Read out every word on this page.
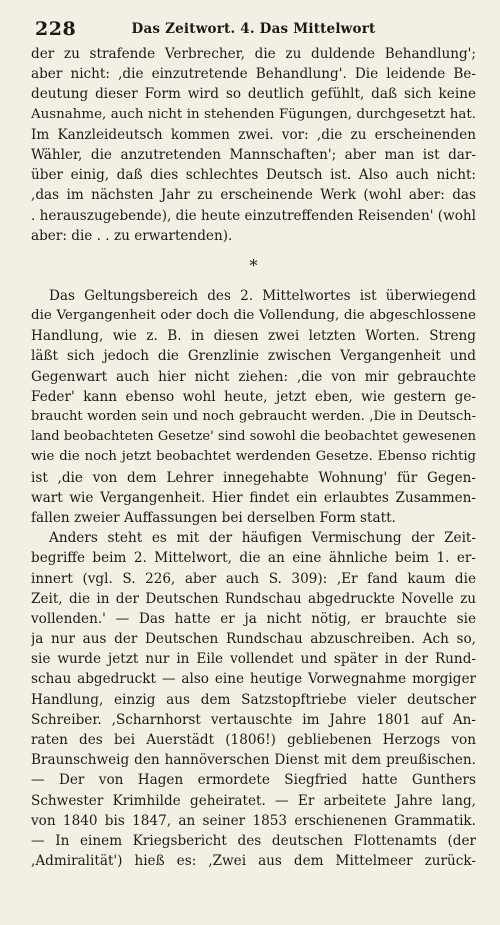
228	Das Zeitwort. 4. Das Mittelwort
der zu strafende Verbrecher, die zu duldende Behandlung';
aber nicht: ,die einzutretende Behandlung'. Die leidende Be-
deutung dieser Form wird so deutlich gefühlt, daß sich keine
Ausnahme, auch nicht in stehenden Fügungen, durchgesetzt hat.
Im Kanzleideutsch kommen zwei. vor: ,die zu erscheinenden
Wähler, die anzutretenden Mannschaften'; aber man ist dar-
über einig, daß dies schlechtes Deutsch ist. Also auch nicht:
,das im nächsten Jahr zu erscheinende Werk (wohl aber: das
. herauszugebende), die heute einzutreffenden Reisenden' (wohl
aber: die . . zu erwartenden).
*
Das Geltungsbereich des 2. Mittelwortes ist überwiegend
die Vergangenheit oder doch die Vollendung, die abgeschlossene
Handlung, wie z. B. in diesen zwei letzten Worten. Streng
läßt sich jedoch die Grenzlinie zwischen Vergangenheit und
Gegenwart auch hier nicht ziehen: ,die von mir gebrauchte
Feder' kann ebenso wohl heute, jetzt eben, wie gestern ge-
braucht worden sein und noch gebraucht werden. ,Die in Deutsch-
land beobachteten Gesetze' sind sowohl die beobachtet gewesenen
wie die noch jetzt beobachtet werdenden Gesetze. Ebenso richtig
ist ,die von dem Lehrer innegehabte Wohnung' für Gegen-
wart wie Vergangenheit. Hier findet ein erlaubtes Zusammen-
fallen zweier Auffassungen bei derselben Form statt.
Anders steht es mit der häufigen Vermischung der Zeit-
begriffe beim 2. Mittelwort, die an eine ähnliche beim 1. er-
innert (vgl. S. 226, aber auch S. 309): ,Er fand kaum die
Zeit, die in der Deutschen Rundschau abgedruckte Novelle zu
vollenden.' — Das hatte er ja nicht nötig, er brauchte sie
ja nur aus der Deutschen Rundschau abzuschreiben. Ach so,
sie wurde jetzt nur in Eile vollendet und später in der Rund-
schau abgedruckt — also eine heutige Vorwegnahme morgiger
Handlung, einzig aus dem Satzstopftriebe vieler deutscher
Schreiber. ,Scharnhorst vertauschte im Jahre 1801 auf An-
raten des bei Auerstädt (1806!) gebliebenen Herzogs von
Braunschweig den hannöverschen Dienst mit dem preußischen.
— Der von Hagen ermordete Siegfried hatte Gunthers
Schwester Krimhilde geheiratet. — Er arbeitete Jahre lang,
von 1840 bis 1847, an seiner 1853 erschienenen Grammatik.
— In einem Kriegsbericht des deutschen Flottenamts (der
,Admiralität') hieß es: ,Zwei aus dem Mittelmeer zurück-
